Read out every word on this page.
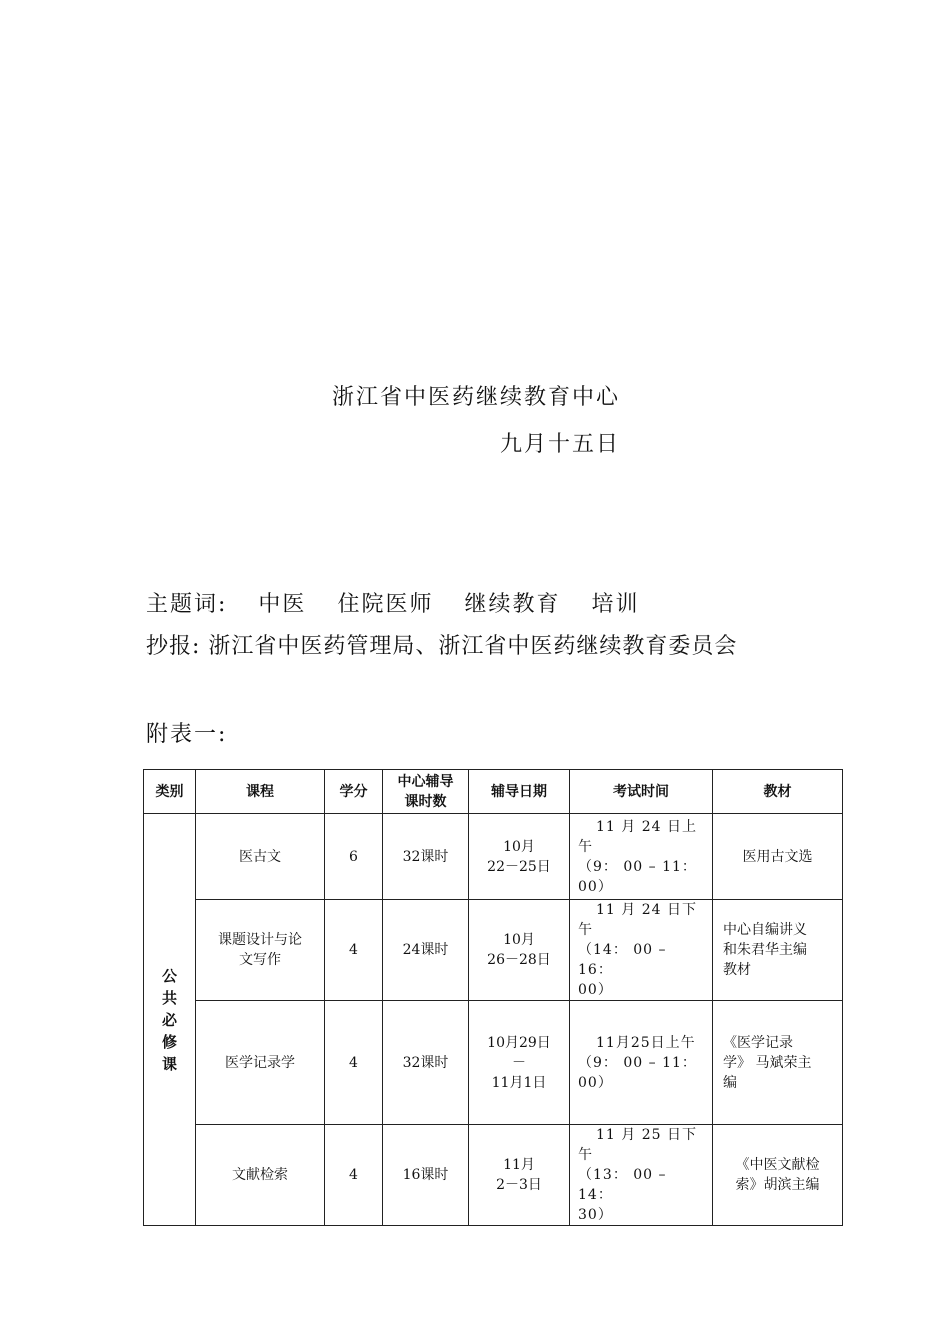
浙江省中医药继续教育中心
九月十五日
主题词: 中医 住院医师 继续教育 培训
抄报: 浙江省中医药管理局、浙江省中医药继续教育委员会
附表一:
类别	课程	学分	中心辅导
课时数	辅导日期	考试时间	教材
公共必修课	医古文	6	32课时	10月
22－25日	11 月 24 日上
午
（9： 00 – 11：
00）	医用古文选

	课题设计与论
文写作	4	24课时	10月
26－28日	11 月 24 日下
午
（14： 00 – 16：
00）	中心自编讲义
和朱君华主编
教材

	医学记录学	4	32课时	10月29日
－
11月1日	11月25日上午
（9： 00 – 11：
00）	《医学记录
学》 马斌荣主
编

	文献检索	4	16课时	11月
2－3日	11 月 25 日下
午
（13： 00 – 14：
30）	《中医文献检
索》胡滨主编
